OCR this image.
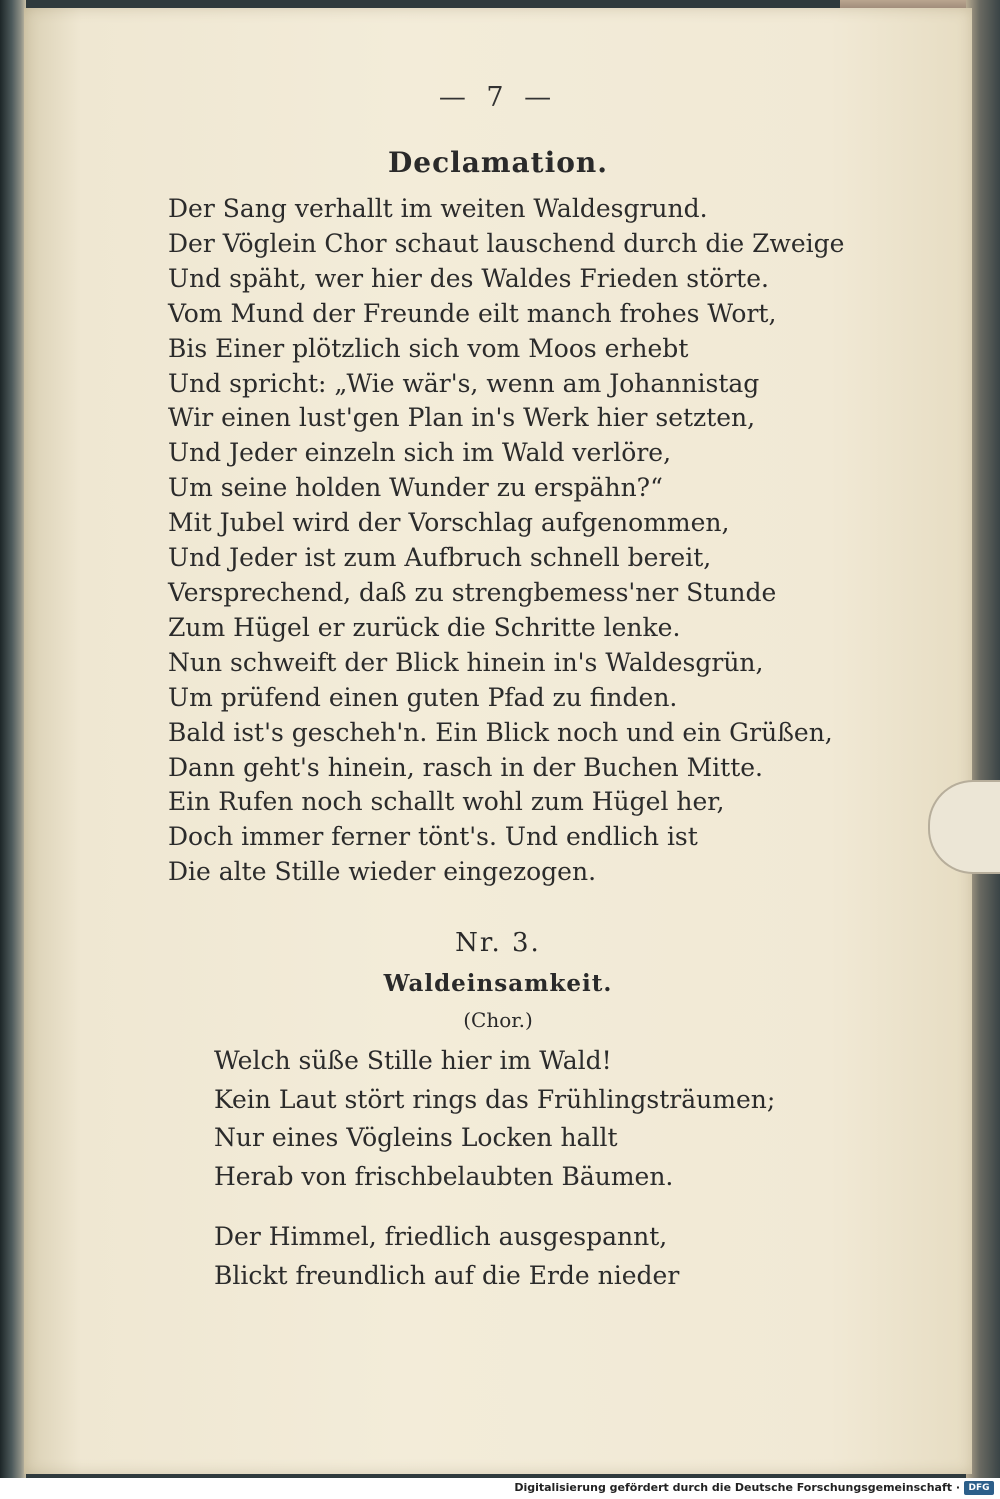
— 7 —
Declamation.
Der Sang verhallt im weiten Waldesgrund.
Der Vöglein Chor schaut lauschend durch die Zweige
Und späht, wer hier des Waldes Frieden störte.
Vom Mund der Freunde eilt manch frohes Wort,
Bis Einer plötzlich sich vom Moos erhebt
Und spricht: „Wie wär's, wenn am Johannistag
Wir einen lust'gen Plan in's Werk hier setzten,
Und Jeder einzeln sich im Wald verlöre,
Um seine holden Wunder zu erspähn?“
Mit Jubel wird der Vorschlag aufgenommen,
Und Jeder ist zum Aufbruch schnell bereit,
Versprechend, daß zu strengbemess'ner Stunde
Zum Hügel er zurück die Schritte lenke.
Nun schweift der Blick hinein in's Waldesgrün,
Um prüfend einen guten Pfad zu finden.
Bald ist's gescheh'n. Ein Blick noch und ein Grüßen,
Dann geht's hinein, rasch in der Buchen Mitte.
Ein Rufen noch schallt wohl zum Hügel her,
Doch immer ferner tönt's. Und endlich ist
Die alte Stille wieder eingezogen.
Nr. 3.
Waldeinsamkeit.
(Chor.)
Welch süße Stille hier im Wald!
Kein Laut stört rings das Frühlingsträumen;
Nur eines Vögleins Locken hallt
Herab von frischbelaubten Bäumen.
Der Himmel, friedlich ausgespannt,
Blickt freundlich auf die Erde nieder
Digitalisierung gefördert durch die Deutsche Forschungsgemeinschaft · DFG
